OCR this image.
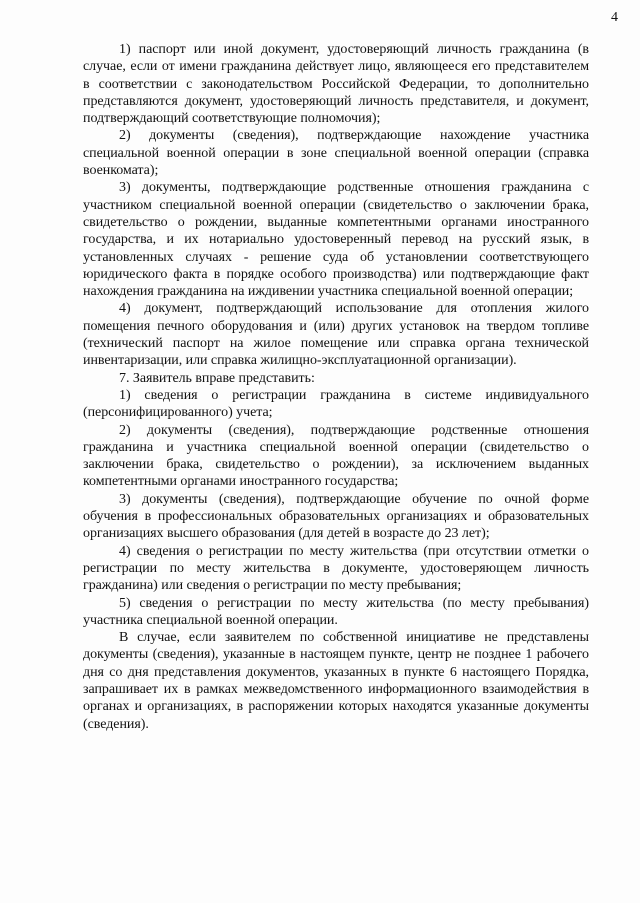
4

1) паспорт или иной документ, удостоверяющий личность гражданина (в случае, если от имени гражданина действует лицо, являющееся его представителем в соответствии с законодательством Российской Федерации, то дополнительно представляются документ, удостоверяющий личность представителя, и документ, подтверждающий соответствующие полномочия);

2) документы (сведения), подтверждающие нахождение участника специальной военной операции в зоне специальной военной операции (справка военкомата);

3) документы, подтверждающие родственные отношения гражданина с участником специальной военной операции (свидетельство о заключении брака, свидетельство о рождении, выданные компетентными органами иностранного государства, и их нотариально удостоверенный перевод на русский язык, в установленных случаях - решение суда об установлении соответствующего юридического факта в порядке особого производства) или подтверждающие факт нахождения гражданина на иждивении участника специальной военной операции;

4) документ, подтверждающий использование для отопления жилого помещения печного оборудования и (или) других установок на твердом топливе (технический паспорт на жилое помещение или справка органа технической инвентаризации, или справка жилищно-эксплуатационной организации).

7. Заявитель вправе представить:

1) сведения о регистрации гражданина в системе индивидуального (персонифицированного) учета;

2) документы (сведения), подтверждающие родственные отношения гражданина и участника специальной военной операции (свидетельство о заключении брака, свидетельство о рождении), за исключением выданных компетентными органами иностранного государства;

3) документы (сведения), подтверждающие обучение по очной форме обучения в профессиональных образовательных организациях и образовательных организациях высшего образования (для детей в возрасте до 23 лет);

4) сведения о регистрации по месту жительства (при отсутствии отметки о регистрации по месту жительства в документе, удостоверяющем личность гражданина) или сведения о регистрации по месту пребывания;

5) сведения о регистрации по месту жительства (по месту пребывания) участника специальной военной операции.

В случае, если заявителем по собственной инициативе не представлены документы (сведения), указанные в настоящем пункте, центр не позднее 1 рабочего дня со дня представления документов, указанных в пункте 6 настоящего Порядка, запрашивает их в рамках межведомственного информационного взаимодействия в органах и организациях, в распоряжении которых находятся указанные документы (сведения).
